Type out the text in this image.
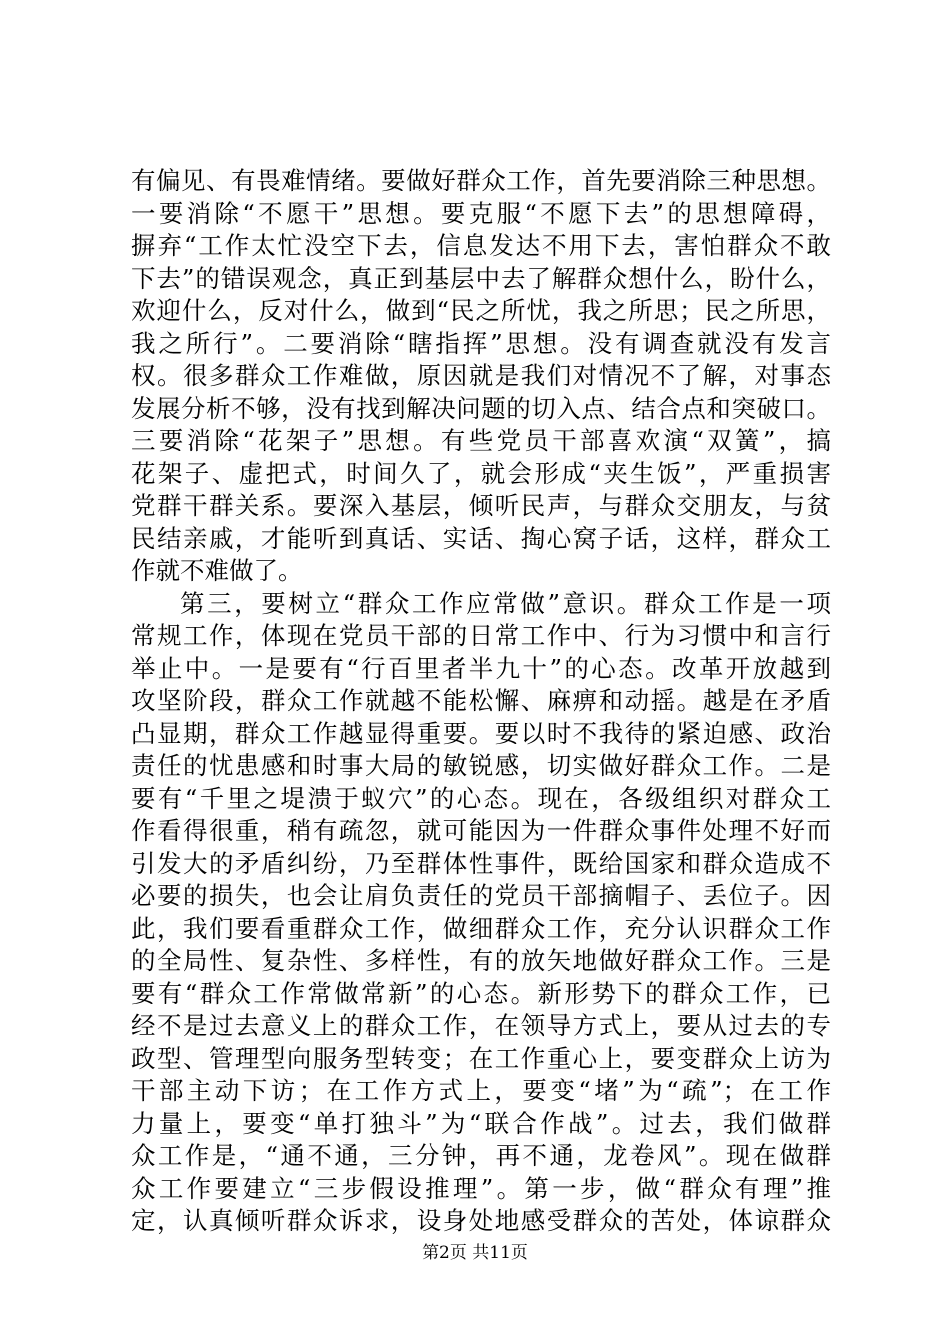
有偏见、有畏难情绪。要做好群众工作，首先要消除三种思想。
一要消除“不愿干”思想。要克服“不愿下去”的思想障碍，
摒弃“工作太忙没空下去，信息发达不用下去，害怕群众不敢
下去”的错误观念，真正到基层中去了解群众想什么，盼什么，
欢迎什么，反对什么，做到“民之所忧，我之所思；民之所思，
我之所行”。二要消除“瞎指挥”思想。没有调查就没有发言
权。很多群众工作难做，原因就是我们对情况不了解，对事态
发展分析不够，没有找到解决问题的切入点、结合点和突破口。
三要消除“花架子”思想。有些党员干部喜欢演“双簧”，搞
花架子、虚把式，时间久了，就会形成“夹生饭”，严重损害
党群干群关系。要深入基层，倾听民声，与群众交朋友，与贫
民结亲戚，才能听到真话、实话、掏心窝子话，这样，群众工
作就不难做了。
第三，要树立“群众工作应常做”意识。群众工作是一项
常规工作，体现在党员干部的日常工作中、行为习惯中和言行
举止中。一是要有“行百里者半九十”的心态。改革开放越到
攻坚阶段，群众工作就越不能松懈、麻痹和动摇。越是在矛盾
凸显期，群众工作越显得重要。要以时不我待的紧迫感、政治
责任的忧患感和时事大局的敏锐感，切实做好群众工作。二是
要有“千里之堤溃于蚁穴”的心态。现在，各级组织对群众工
作看得很重，稍有疏忽，就可能因为一件群众事件处理不好而
引发大的矛盾纠纷，乃至群体性事件，既给国家和群众造成不
必要的损失，也会让肩负责任的党员干部摘帽子、丢位子。因
此，我们要看重群众工作，做细群众工作，充分认识群众工作
的全局性、复杂性、多样性，有的放矢地做好群众工作。三是
要有“群众工作常做常新”的心态。新形势下的群众工作，已
经不是过去意义上的群众工作，在领导方式上，要从过去的专
政型、管理型向服务型转变；在工作重心上，要变群众上访为
干部主动下访；在工作方式上，要变“堵”为“疏”；在工作
力量上，要变“单打独斗”为“联合作战”。过去，我们做群
众工作是，“通不通，三分钟，再不通，龙卷风”。现在做群
众工作要建立“三步假设推理”。第一步，做“群众有理”推
定，认真倾听群众诉求，设身处地感受群众的苦处，体谅群众
第2页 共11页
